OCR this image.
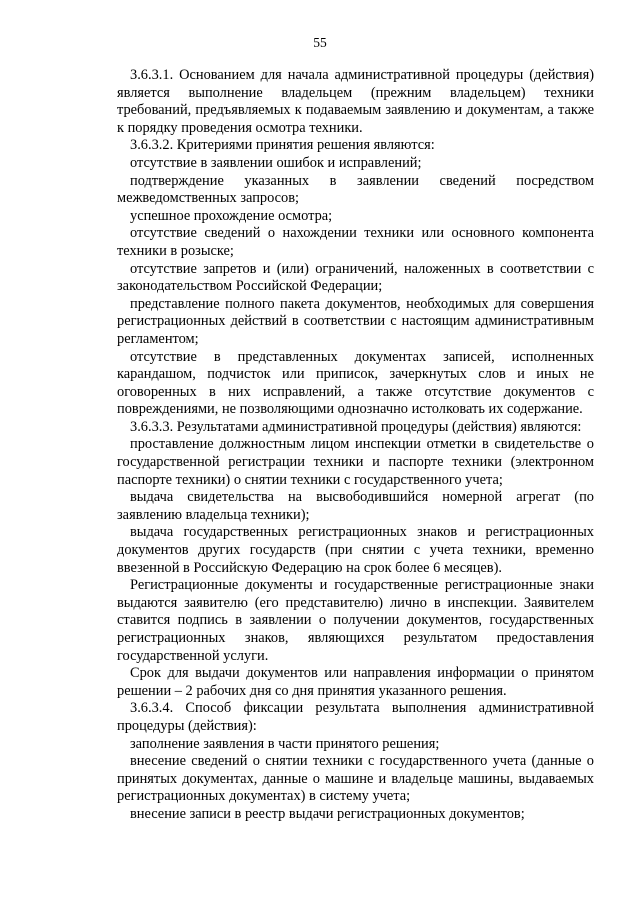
55

3.6.3.1. Основанием для начала административной процедуры (действия) является выполнение владельцем (прежним владельцем) техники требований, предъявляемых к подаваемым заявлению и документам, а также к порядку проведения осмотра техники.

3.6.3.2. Критериями принятия решения являются:

отсутствие в заявлении ошибок и исправлений;

подтверждение указанных в заявлении сведений посредством межведомственных запросов;

успешное прохождение осмотра;

отсутствие сведений о нахождении техники или основного компонента техники в розыске;

отсутствие запретов и (или) ограничений, наложенных в соответствии с законодательством Российской Федерации;

представление полного пакета документов, необходимых для совершения регистрационных действий в соответствии с настоящим административным регламентом;

отсутствие в представленных документах записей, исполненных карандашом, подчисток или приписок, зачеркнутых слов и иных не оговоренных в них исправлений, а также отсутствие документов с повреждениями, не позволяющими однозначно истолковать их содержание.

3.6.3.3. Результатами административной процедуры (действия) являются:

проставление должностным лицом инспекции отметки в свидетельстве о государственной регистрации техники и паспорте техники (электронном паспорте техники) о снятии техники с государственного учета;

выдача свидетельства на высвободившийся номерной агрегат (по заявлению владельца техники);

выдача государственных регистрационных знаков и регистрационных документов других государств (при снятии с учета техники, временно ввезенной в Российскую Федерацию на срок более 6 месяцев).

Регистрационные документы и государственные регистрационные знаки выдаются заявителю (его представителю) лично в инспекции. Заявителем ставится подпись в заявлении о получении документов, государственных регистрационных знаков, являющихся результатом предоставления государственной услуги.

Срок для выдачи документов или направления информации о принятом решении – 2 рабочих дня со дня принятия указанного решения.

3.6.3.4. Способ фиксации результата выполнения административной процедуры (действия):

заполнение заявления в части принятого решения;

внесение сведений о снятии техники с государственного учета (данные о принятых документах, данные о машине и владельце машины, выдаваемых регистрационных документах) в систему учета;

внесение записи в реестр выдачи регистрационных документов;
